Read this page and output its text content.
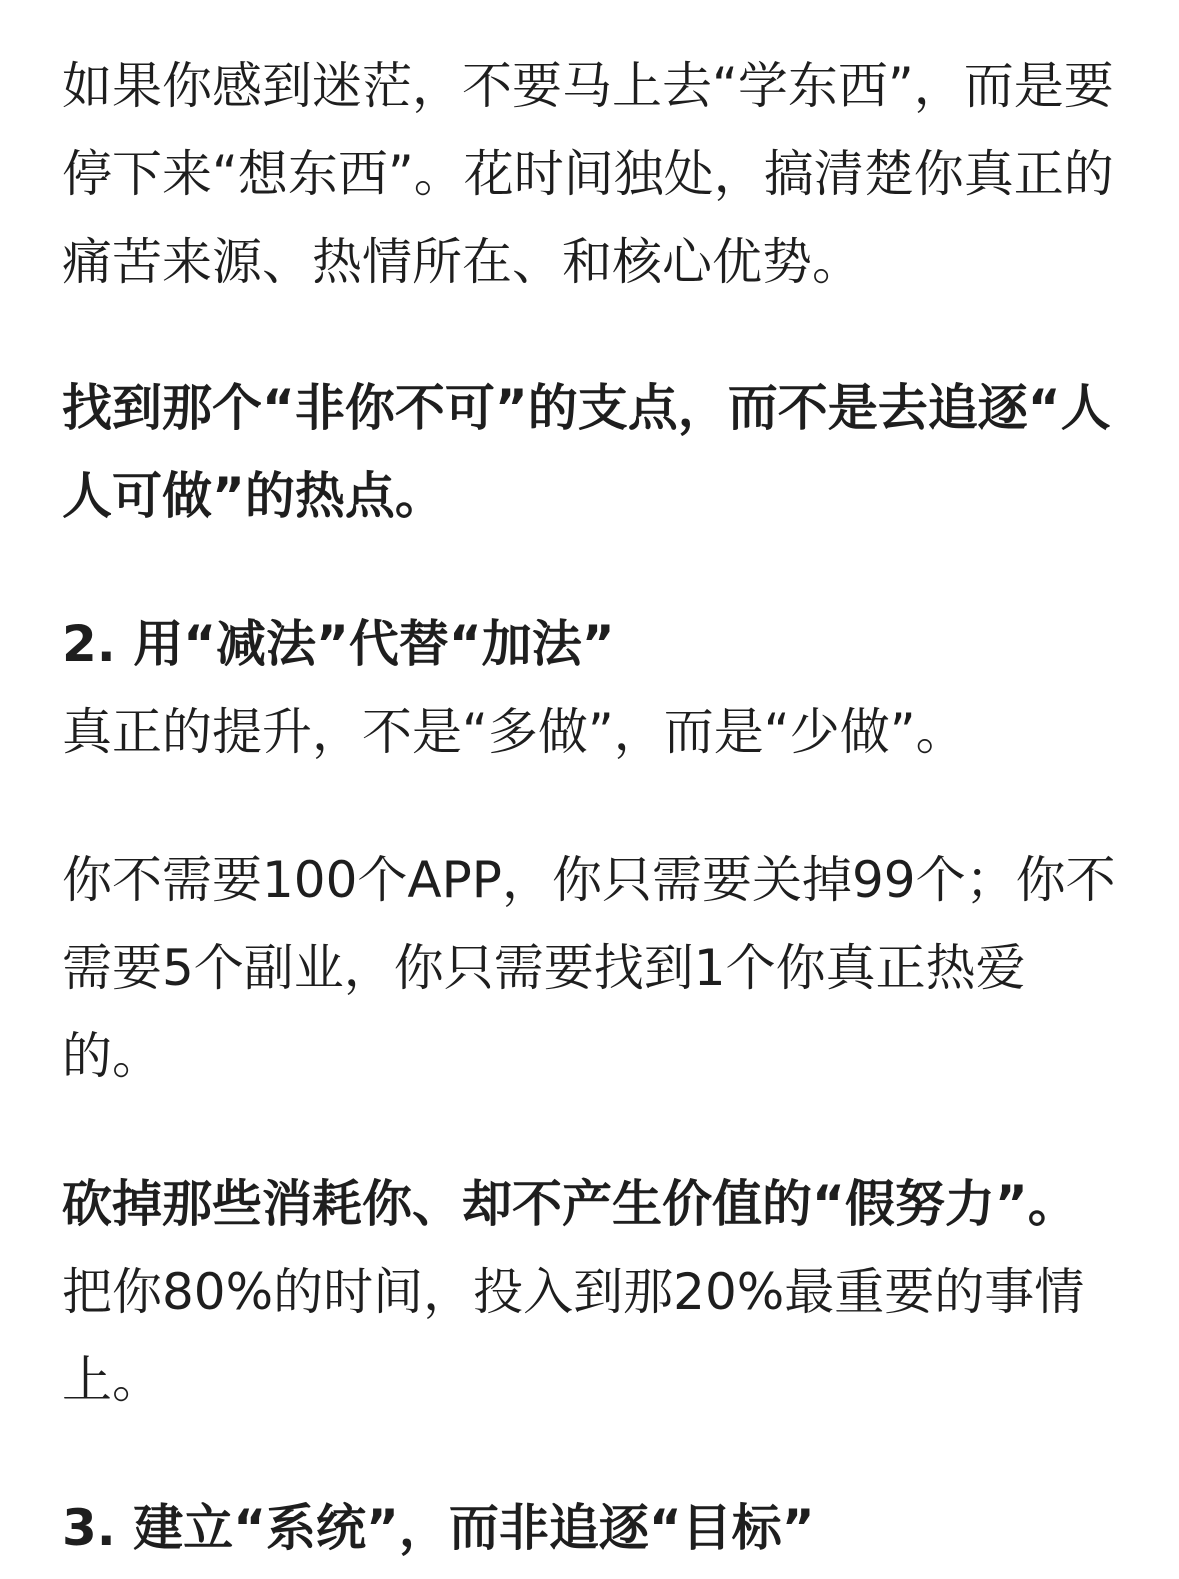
如果你感到迷茫，不要马上去“学东西”，而是要停下来“想东西”。花时间独处，搞清楚你真正的痛苦来源、热情所在、和核心优势。

找到那个“非你不可”的支点，而不是去追逐“人人可做”的热点。

2. 用“减法”代替“加法”

真正的提升，不是“多做”，而是“少做”。

你不需要100个APP，你只需要关掉99个；你不需要5个副业，你只需要找到1个你真正热爱的。

砍掉那些消耗你、却不产生价值的“假努力”。

把你80%的时间，投入到那20%最重要的事情上。

3. 建立“系统”，而非追逐“目标”
